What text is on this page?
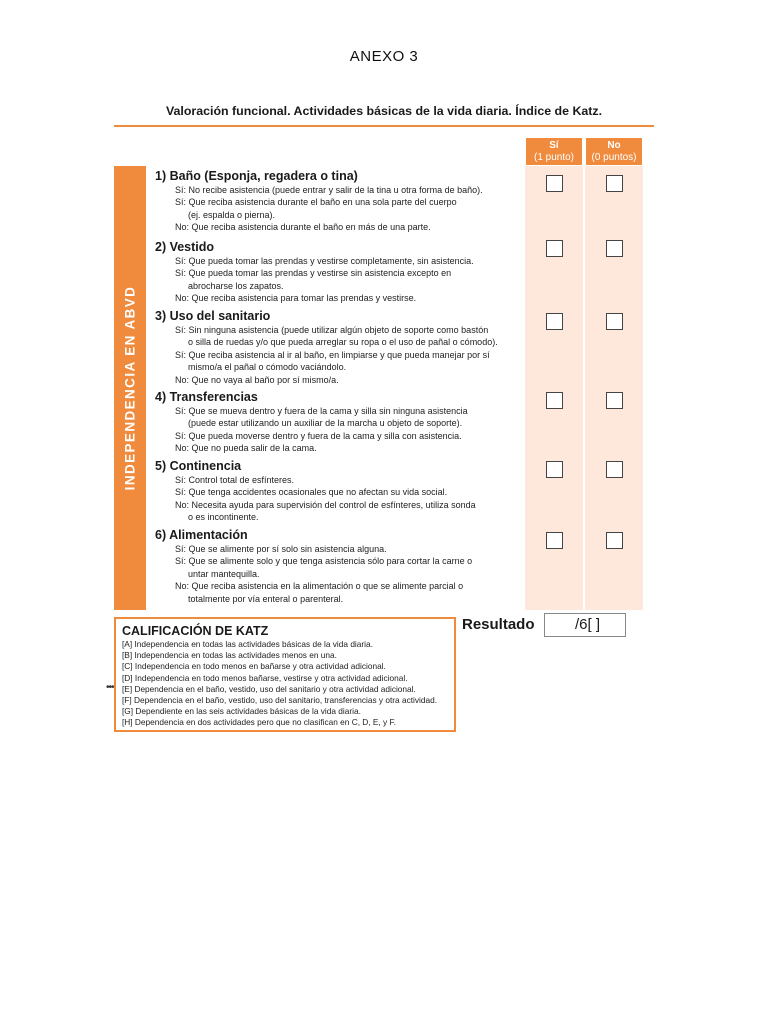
ANEXO 3
Valoración funcional. Actividades básicas de la vida diaria. Índice de Katz.
Sí
(1 punto)
No
(0 puntos)
INDEPENDENCIA EN ABVD
1) Baño (Esponja, regadera o tina)
Sí: No recibe asistencia (puede entrar y salir de la tina u otra forma de baño).
Sí: Que reciba asistencia durante el baño en una sola parte del cuerpo
(ej. espalda o pierna).
No: Que reciba asistencia durante el baño en más de una parte.
2) Vestido
Sí: Que pueda tomar las prendas y vestirse completamente, sin asistencia.
Sí: Que pueda tomar las prendas y vestirse sin asistencia excepto en
abrocharse los zapatos.
No: Que reciba asistencia para tomar las prendas y vestirse.
3) Uso del sanitario
Sí: Sin ninguna asistencia (puede utilizar algún objeto de soporte como bastón
o silla de ruedas y/o que pueda arreglar su ropa o el uso de pañal o cómodo).
Sí: Que reciba asistencia al ir al baño, en limpiarse y que pueda manejar por sí
mismo/a el pañal o cómodo vaciándolo.
No: Que no vaya al baño por sí mismo/a.
4) Transferencias
Sí: Que se mueva dentro y fuera de la cama y silla sin ninguna asistencia
(puede estar utilizando un auxiliar de la marcha u objeto de soporte).
Sí: Que pueda moverse dentro y fuera de la cama y silla con asistencia.
No: Que no pueda salir de la cama.
5) Continencia
Sí: Control total de esfínteres.
Sí: Que tenga accidentes ocasionales que no afectan su vida social.
No: Necesita ayuda para supervisión del control de esfínteres, utiliza sonda
o es incontinente.
6) Alimentación
Sí: Que se alimente por sí solo sin asistencia alguna.
Sí: Que se alimente solo y que tenga asistencia sólo para cortar la carne o
untar mantequilla.
No: Que reciba asistencia en la alimentación o que se alimente parcial o
totalmente por vía enteral o parenteral.
Resultado	/6[ ]
CALIFICACIÓN DE KATZ
[A] Independencia en todas las actividades básicas de la vida diaria.
[B] Independencia en todas las actividades menos en una.
[C] Independencia en todo menos en bañarse y otra actividad adicional.
[D] Independencia en todo menos bañarse, vestirse y otra actividad adicional.
[E] Dependencia en el baño, vestido, uso del sanitario y otra actividad adicional.
[F] Dependencia en el baño, vestido, uso del sanitario, transferencias y otra actividad.
[G] Dependiente en las seis actividades básicas de la vida diaria.
[H] Dependencia en dos actividades pero que no clasifican en C, D, E, y F.
•••
